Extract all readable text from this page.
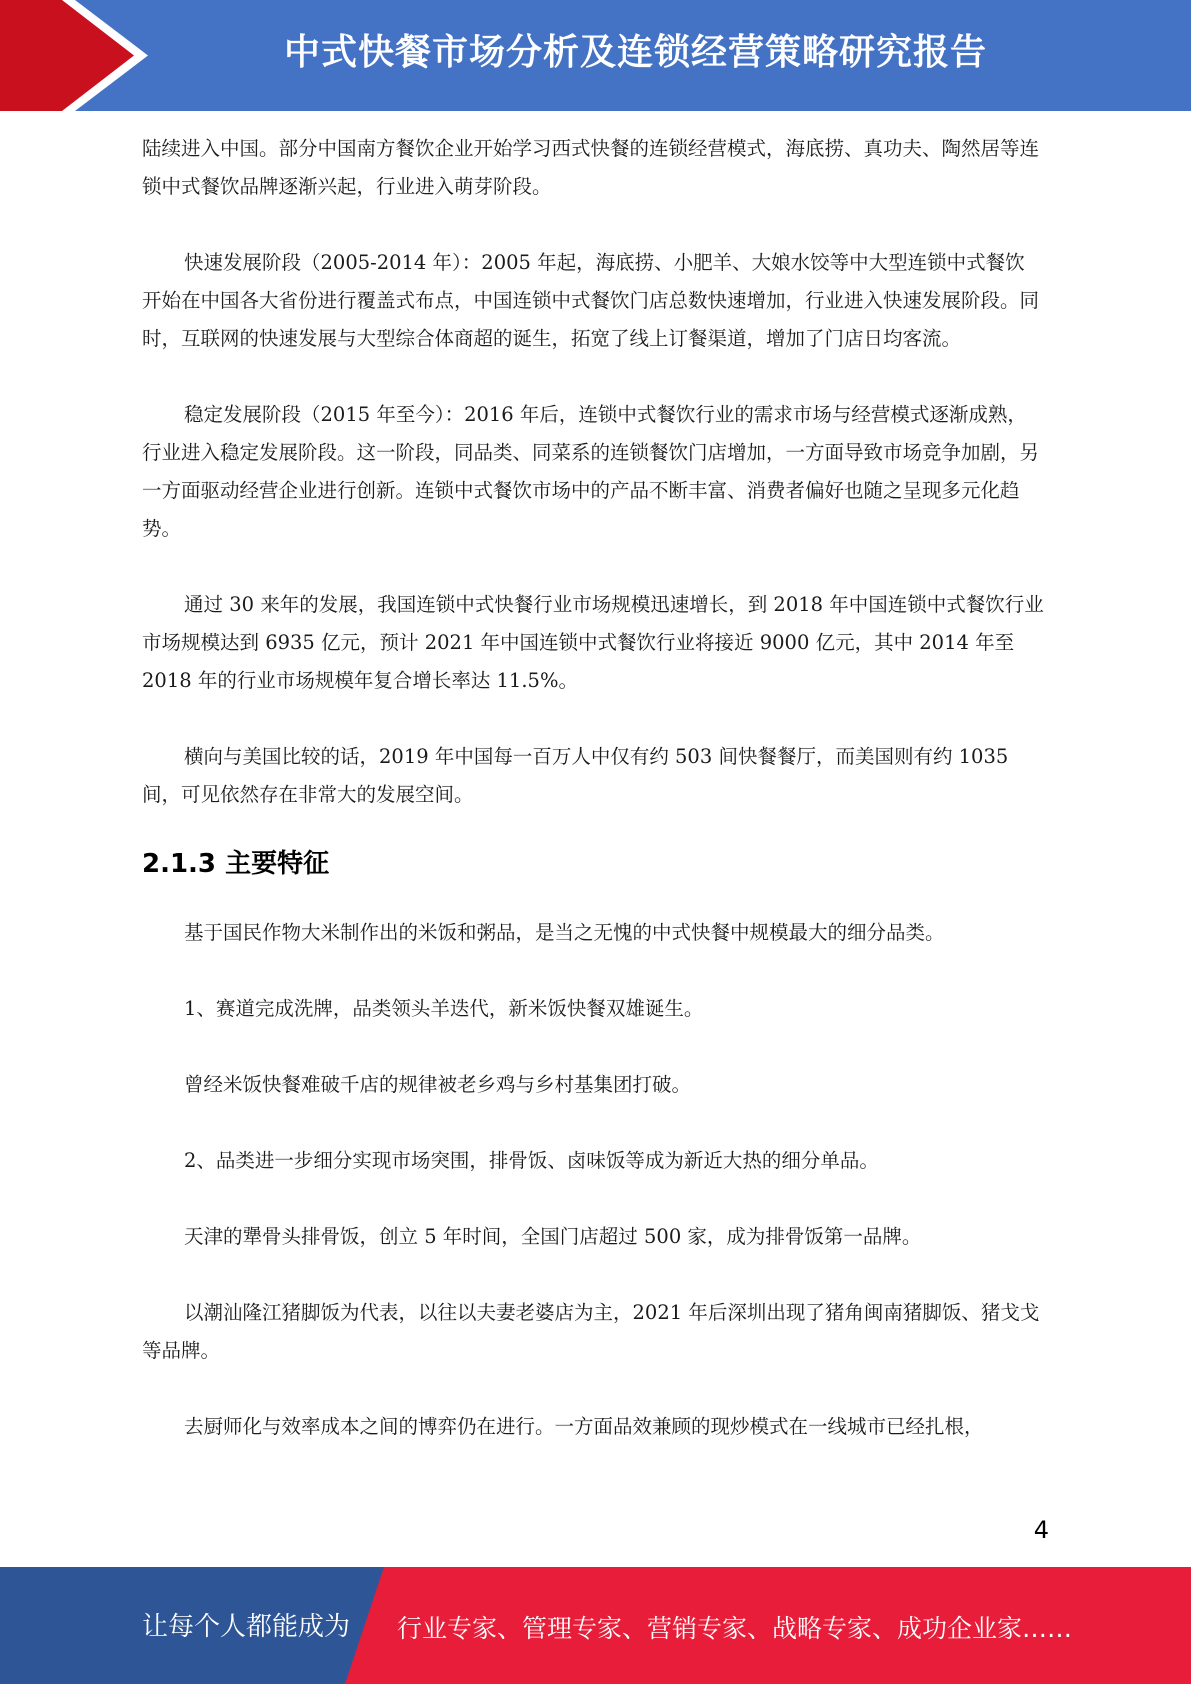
中式快餐市场分析及连锁经营策略研究报告

陆续进入中国。部分中国南方餐饮企业开始学习西式快餐的连锁经营模式，海底捞、真功夫、陶然居等连锁中式餐饮品牌逐渐兴起，行业进入萌芽阶段。

快速发展阶段（2005-2014 年）：2005 年起，海底捞、小肥羊、大娘水饺等中大型连锁中式餐饮开始在中国各大省份进行覆盖式布点，中国连锁中式餐饮门店总数快速增加，行业进入快速发展阶段。同时，互联网的快速发展与大型综合体商超的诞生，拓宽了线上订餐渠道，增加了门店日均客流。

稳定发展阶段（2015 年至今）：2016 年后，连锁中式餐饮行业的需求市场与经营模式逐渐成熟，行业进入稳定发展阶段。这一阶段，同品类、同菜系的连锁餐饮门店增加，一方面导致市场竞争加剧，另一方面驱动经营企业进行创新。连锁中式餐饮市场中的产品不断丰富、消费者偏好也随之呈现多元化趋势。

通过 30 来年的发展，我国连锁中式快餐行业市场规模迅速增长，到 2018 年中国连锁中式餐饮行业市场规模达到 6935 亿元，预计 2021 年中国连锁中式餐饮行业将接近 9000 亿元，其中 2014 年至 2018 年的行业市场规模年复合增长率达 11.5%。

横向与美国比较的话，2019 年中国每一百万人中仅有约 503 间快餐餐厅，而美国则有约 1035 间，可见依然存在非常大的发展空间。

2.1.3 主要特征

基于国民作物大米制作出的米饭和粥品，是当之无愧的中式快餐中规模最大的细分品类。

1、赛道完成洗牌，品类领头羊迭代，新米饭快餐双雄诞生。

曾经米饭快餐难破千店的规律被老乡鸡与乡村基集团打破。

2、品类进一步细分实现市场突围，排骨饭、卤味饭等成为新近大热的细分单品。

天津的犟骨头排骨饭，创立 5 年时间，全国门店超过 500 家，成为排骨饭第一品牌。

以潮汕隆江猪脚饭为代表，以往以夫妻老婆店为主，2021 年后深圳出现了猪角闽南猪脚饭、猪戈戈等品牌。

去厨师化与效率成本之间的博弈仍在进行。一方面品效兼顾的现炒模式在一线城市已经扎根，

4
让每个人都能成为 行业专家、管理专家、营销专家、战略专家、成功企业家……
